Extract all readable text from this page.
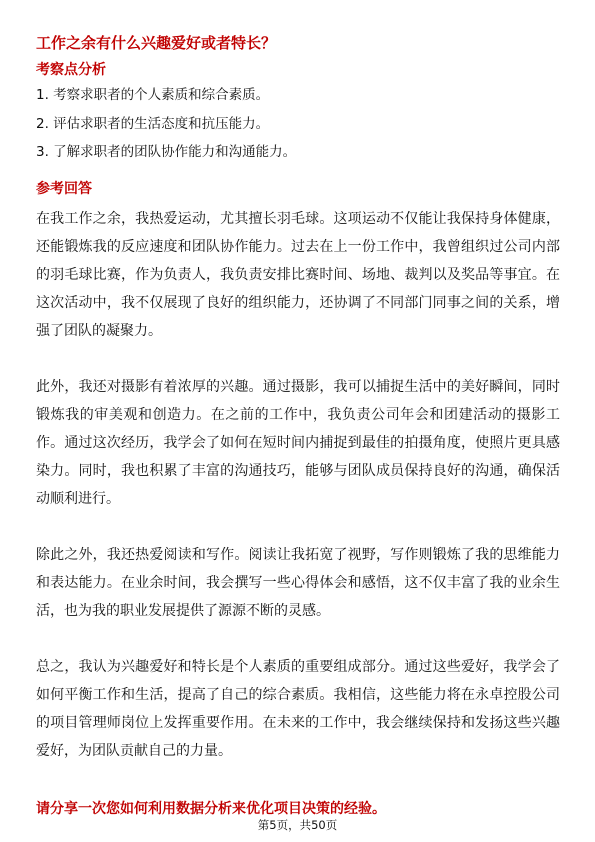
工作之余有什么兴趣爱好或者特长？
考察点分析
1. 考察求职者的个人素质和综合素质。
2. 评估求职者的生活态度和抗压能力。
3. 了解求职者的团队协作能力和沟通能力。
参考回答

在我工作之余，我热爱运动，尤其擅长羽毛球。这项运动不仅能让我保持身体健康，还能锻炼我的反应速度和团队协作能力。过去在上一份工作中，我曾组织过公司内部的羽毛球比赛，作为负责人，我负责安排比赛时间、场地、裁判以及奖品等事宜。在这次活动中，我不仅展现了良好的组织能力，还协调了不同部门同事之间的关系，增强了团队的凝聚力。

此外，我还对摄影有着浓厚的兴趣。通过摄影，我可以捕捉生活中的美好瞬间，同时锻炼我的审美观和创造力。在之前的工作中，我负责公司年会和团建活动的摄影工作。通过这次经历，我学会了如何在短时间内捕捉到最佳的拍摄角度，使照片更具感染力。同时，我也积累了丰富的沟通技巧，能够与团队成员保持良好的沟通，确保活动顺利进行。

除此之外，我还热爱阅读和写作。阅读让我拓宽了视野，写作则锻炼了我的思维能力和表达能力。在业余时间，我会撰写一些心得体会和感悟，这不仅丰富了我的业余生活，也为我的职业发展提供了源源不断的灵感。

总之，我认为兴趣爱好和特长是个人素质的重要组成部分。通过这些爱好，我学会了如何平衡工作和生活，提高了自己的综合素质。我相信，这些能力将在永卓控股公司的项目管理师岗位上发挥重要作用。在未来的工作中，我会继续保持和发扬这些兴趣爱好，为团队贡献自己的力量。

请分享一次您如何利用数据分析来优化项目决策的经验。
第5页，共50页
